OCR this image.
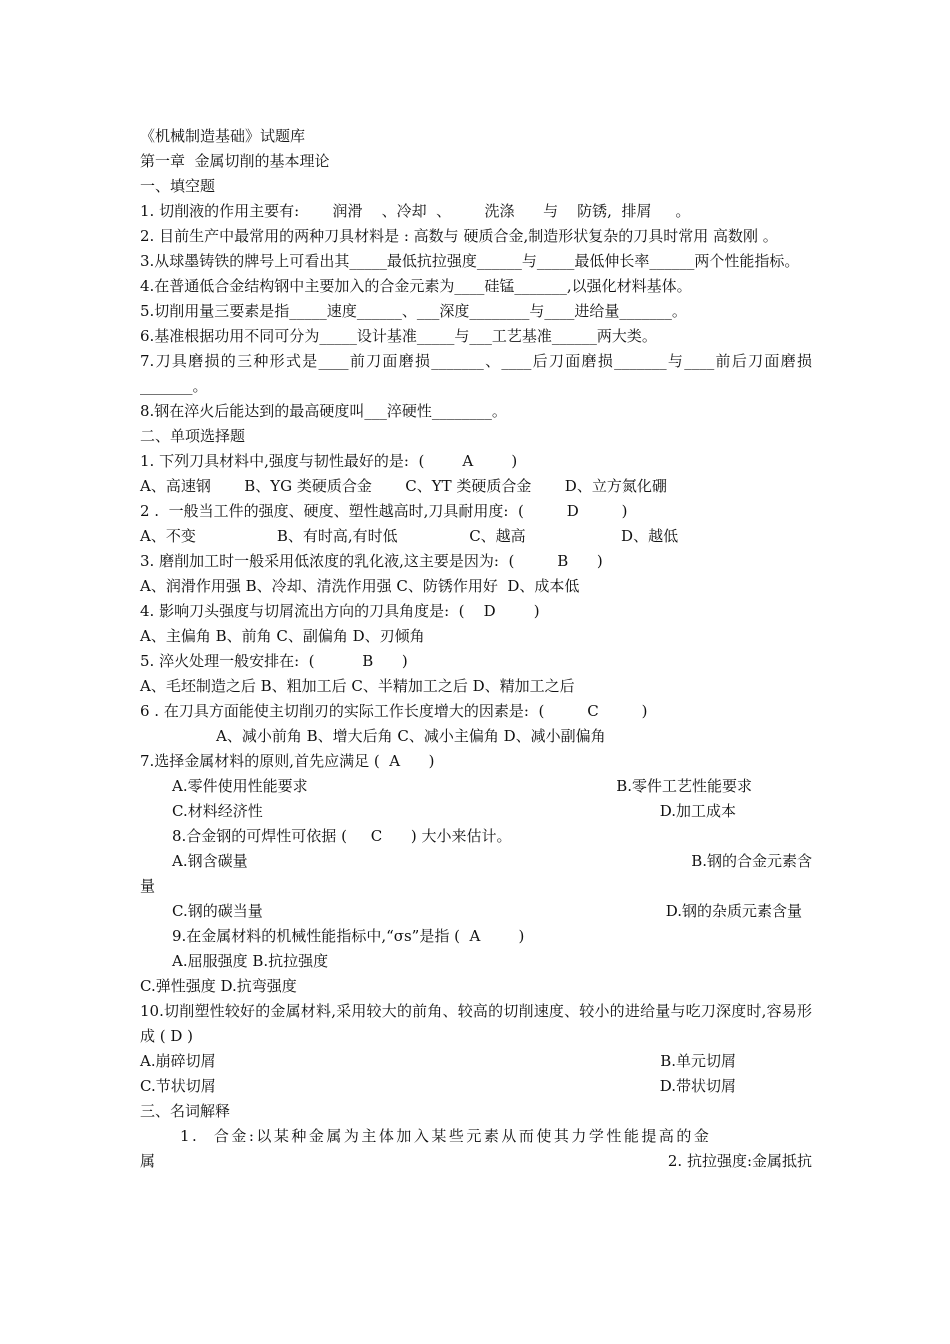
《机械制造基础》试题库
第一章  金属切削的基本理论
一、填空题
1. 切削液的作用主要有:       润滑    、冷却  、       洗涤      与    防锈,  排屑     。
2. 目前生产中最常用的两种刀具材料是 : 高数与 硬质合金,制造形状复杂的刀具时常用 高数刚 。
3.从球墨铸铁的牌号上可看出其_____最低抗拉强度______与_____最低伸长率______两个性能指标。
4.在普通低合金结构钢中主要加入的合金元素为____硅锰_______,以强化材料基体。
5.切削用量三要素是指_____速度______、___深度________与____进给量_______。
6.基准根据功用不同可分为_____设计基准_____与___工艺基准______两大类。
7.刀具磨损的三种形式是____前刀面磨损_______、____后刀面磨损_______与____前后刀面磨损_______。
8.钢在淬火后能达到的最高硬度叫___淬硬性________。
二、单项选择题
1. 下列刀具材料中,强度与韧性最好的是:  (        A        )
A、高速钢       B、YG 类硬质合金       C、YT 类硬质合金       D、立方氮化硼
2 .  一般当工件的强度、硬度、塑性越高时,刀具耐用度:  (         D         )
A、不变                 B、有时高,有时低               C、越高                    D、越低
3. 磨削加工时一般采用低浓度的乳化液,这主要是因为:  (         B      )
A、润滑作用强 B、冷却、清洗作用强 C、防锈作用好  D、成本低
4. 影响刀头强度与切屑流出方向的刀具角度是:  (    D        )
A、主偏角 B、前角 C、副偏角 D、刃倾角
5. 淬火处理一般安排在:  (          B      )
A、毛坯制造之后 B、粗加工后 C、半精加工之后 D、精加工之后
6 . 在刀具方面能使主切削刃的实际工作长度增大的因素是:  (         C         )
A、减小前角 B、增大后角 C、减小主偏角 D、减小副偏角
7.选择金属材料的原则,首先应满足 (  A      )
A.零件使用性能要求	B.零件工艺性能要求
C.材料经济性	D.加工成本
8.合金钢的可焊性可依据 (     C      ) 大小来估计。
A.钢含碳量	B.钢的合金元素含
量
C.钢的碳当量	D.钢的杂质元素含量
9.在金属材料的机械性能指标中,“σs”是指 (  A        )
A.屈服强度 B.抗拉强度
C.弹性强度 D.抗弯强度
10.切削塑性较好的金属材料,采用较大的前角、较高的切削速度、较小的进给量与吃刀深度时,容易形成 ( D )
A.崩碎切屑	B.单元切屑
C.节状切屑	D.带状切屑
三、名词解释
1.  合金:以某种金属为主体加入某些元素从而使其力学性能提高的金
属	2. 抗拉强度:金属抵抗
